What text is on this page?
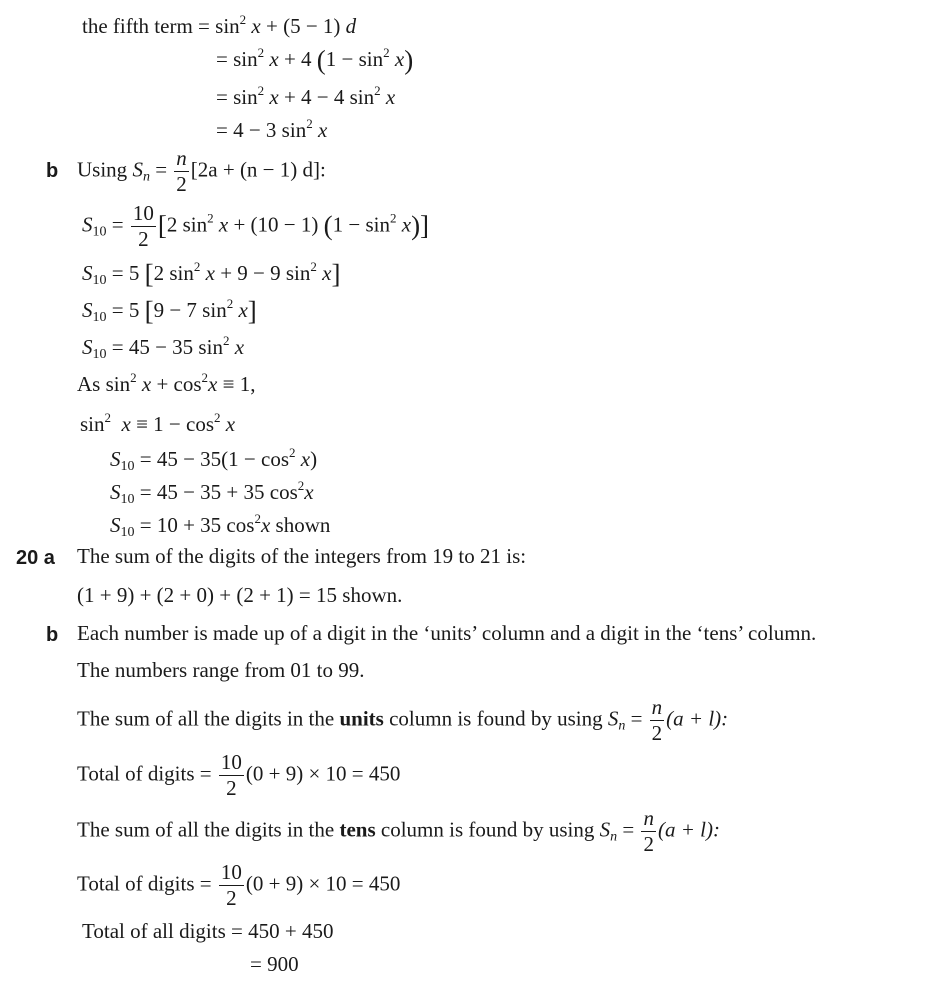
the fifth term = $\sin^2 x + (5 - 1)$ d
= $\sin^2 x + 4$ $(1 - \sin^2 x)$
= $\sin^2 x + 4 - 4$ $\sin^2 x$
= 4 − 3 $\sin^2 x$
b Using $S_n = \frac{n}{2} [2a + (n - 1)$ d]:
$S_{10} = \frac{10}{2} [2$ $\sin^2 x + (10 - 1) (1 - \sin^2 x)$]
$S_{10} = 5$ [2 $\sin^2 x + 9 - 9$ $\sin^2 x$]
$S_{10} = 5$ [9 − 7 $\sin^2 x$]
$S_{10} = 45 - 35$ $\sin^2 x$
As $\sin^2 x + \cos^2x \equiv 1$,
$\sin^2 x \equiv 1 - \cos^2 x$
$S_{10} = 45 - 35(1 - \cos^2 x)$
$S_{10} = 45 - 35 + 35$ $\cos^2x$
$S_{10} = 10 + 35$ $\cos^2x$ shown
20 a The sum of the digits of the integers from 19 to 21 is:
(1 + 9) + (2 + 0) + (2 + 1) = 15 shown.
b Each number is made up of a digit in the ‘units’ column and a digit in the ‘tens’ column.
The numbers range from 01 to 99.
The sum of all the digits in the units column is found by using $S_n = \frac{n}{2} (a + l)$:
Total of digits = $\frac{10}{2} (0 + 9) \times 10 = 450$
The sum of all the digits in the tens column is found by using $S_n = \frac{n}{2} (a + l)$:
Total of digits = $\frac{10}{2} (0 + 9) \times 10 = 450$
Total of all digits = 450 + 450
= 900
